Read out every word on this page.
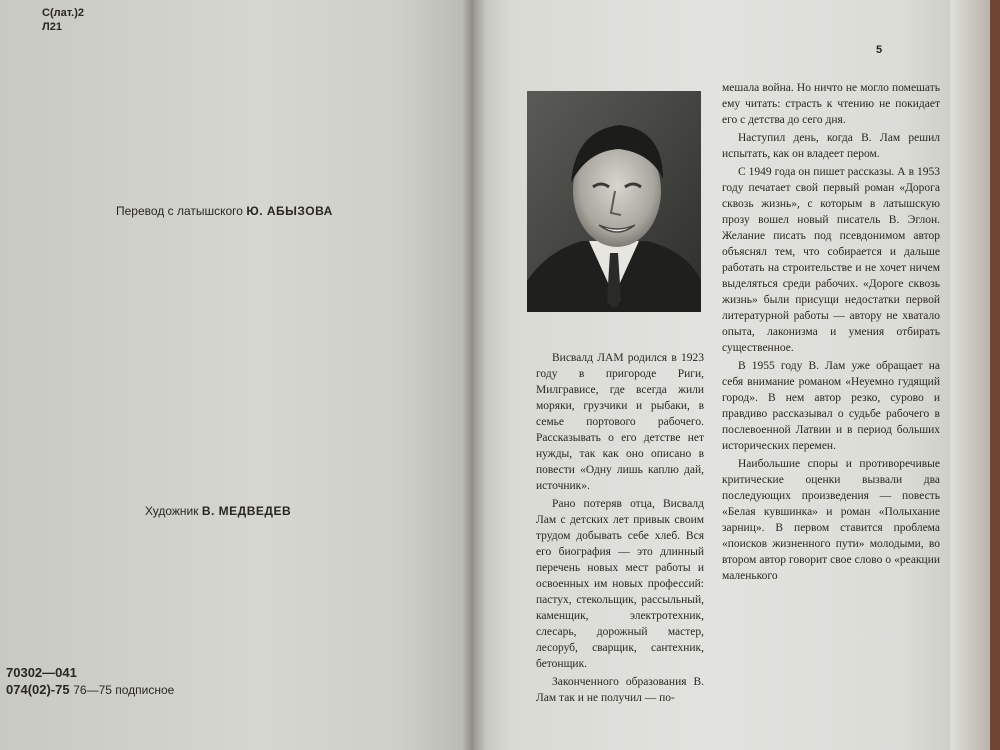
С(лат.)2
Л21
Перевод с латышского Ю. АБЫЗОВА
Художник В. МЕДВЕДЕВ
70302—041
074(02)-75 76—75 подписное
5

Висвалд ЛАМ родился в 1923 году в пригороде Риги, Милгрависе, где всегда жили моряки, грузчики и рыбаки, в семье портового рабочего. Рассказывать о его детстве нет нужды, так как оно описано в повести «Одну лишь каплю дай, источник».

Рано потеряв отца, Висвалд Лам с детских лет привык своим трудом добывать себе хлеб. Вся его биография — это длинный перечень новых мест работы и освоенных им новых профессий: пастух, стекольщик, рассыльный, каменщик, электротехник, слесарь, дорожный мастер, лесоруб, сварщик, сантехник, бетонщик.

Законченного образования В. Лам так и не получил — по-

мешала война. Но ничто не могло помешать ему читать: страсть к чтению не покидает его с детства до сего дня.

Наступил день, когда В. Лам решил испытать, как он владеет пером.

С 1949 года он пишет рассказы. А в 1953 году печатает свой первый роман «Дорога сквозь жизнь», с которым в латышскую прозу вошел новый писатель В. Эглон. Желание писать под псевдонимом автор объяснял тем, что собирается и дальше работать на строительстве и не хочет ничем выделяться среди рабочих. «Дороге сквозь жизнь» были присущи недостатки первой литературной работы — автору не хватало опыта, лаконизма и умения отбирать существенное.

В 1955 году В. Лам уже обращает на себя внимание романом «Неуемно гудящий город». В нем автор резко, сурово и правдиво рассказывал о судьбе рабочего в послевоенной Латвии и в период больших исторических перемен.

Наибольшие споры и противоречивые критические оценки вызвали два последующих произведения — повесть «Белая кувшинка» и роман «Полыхание зарниц». В первом ставится проблема «поисков жизненного пути» молодыми, во втором автор говорит свое слово о «реакции маленького
